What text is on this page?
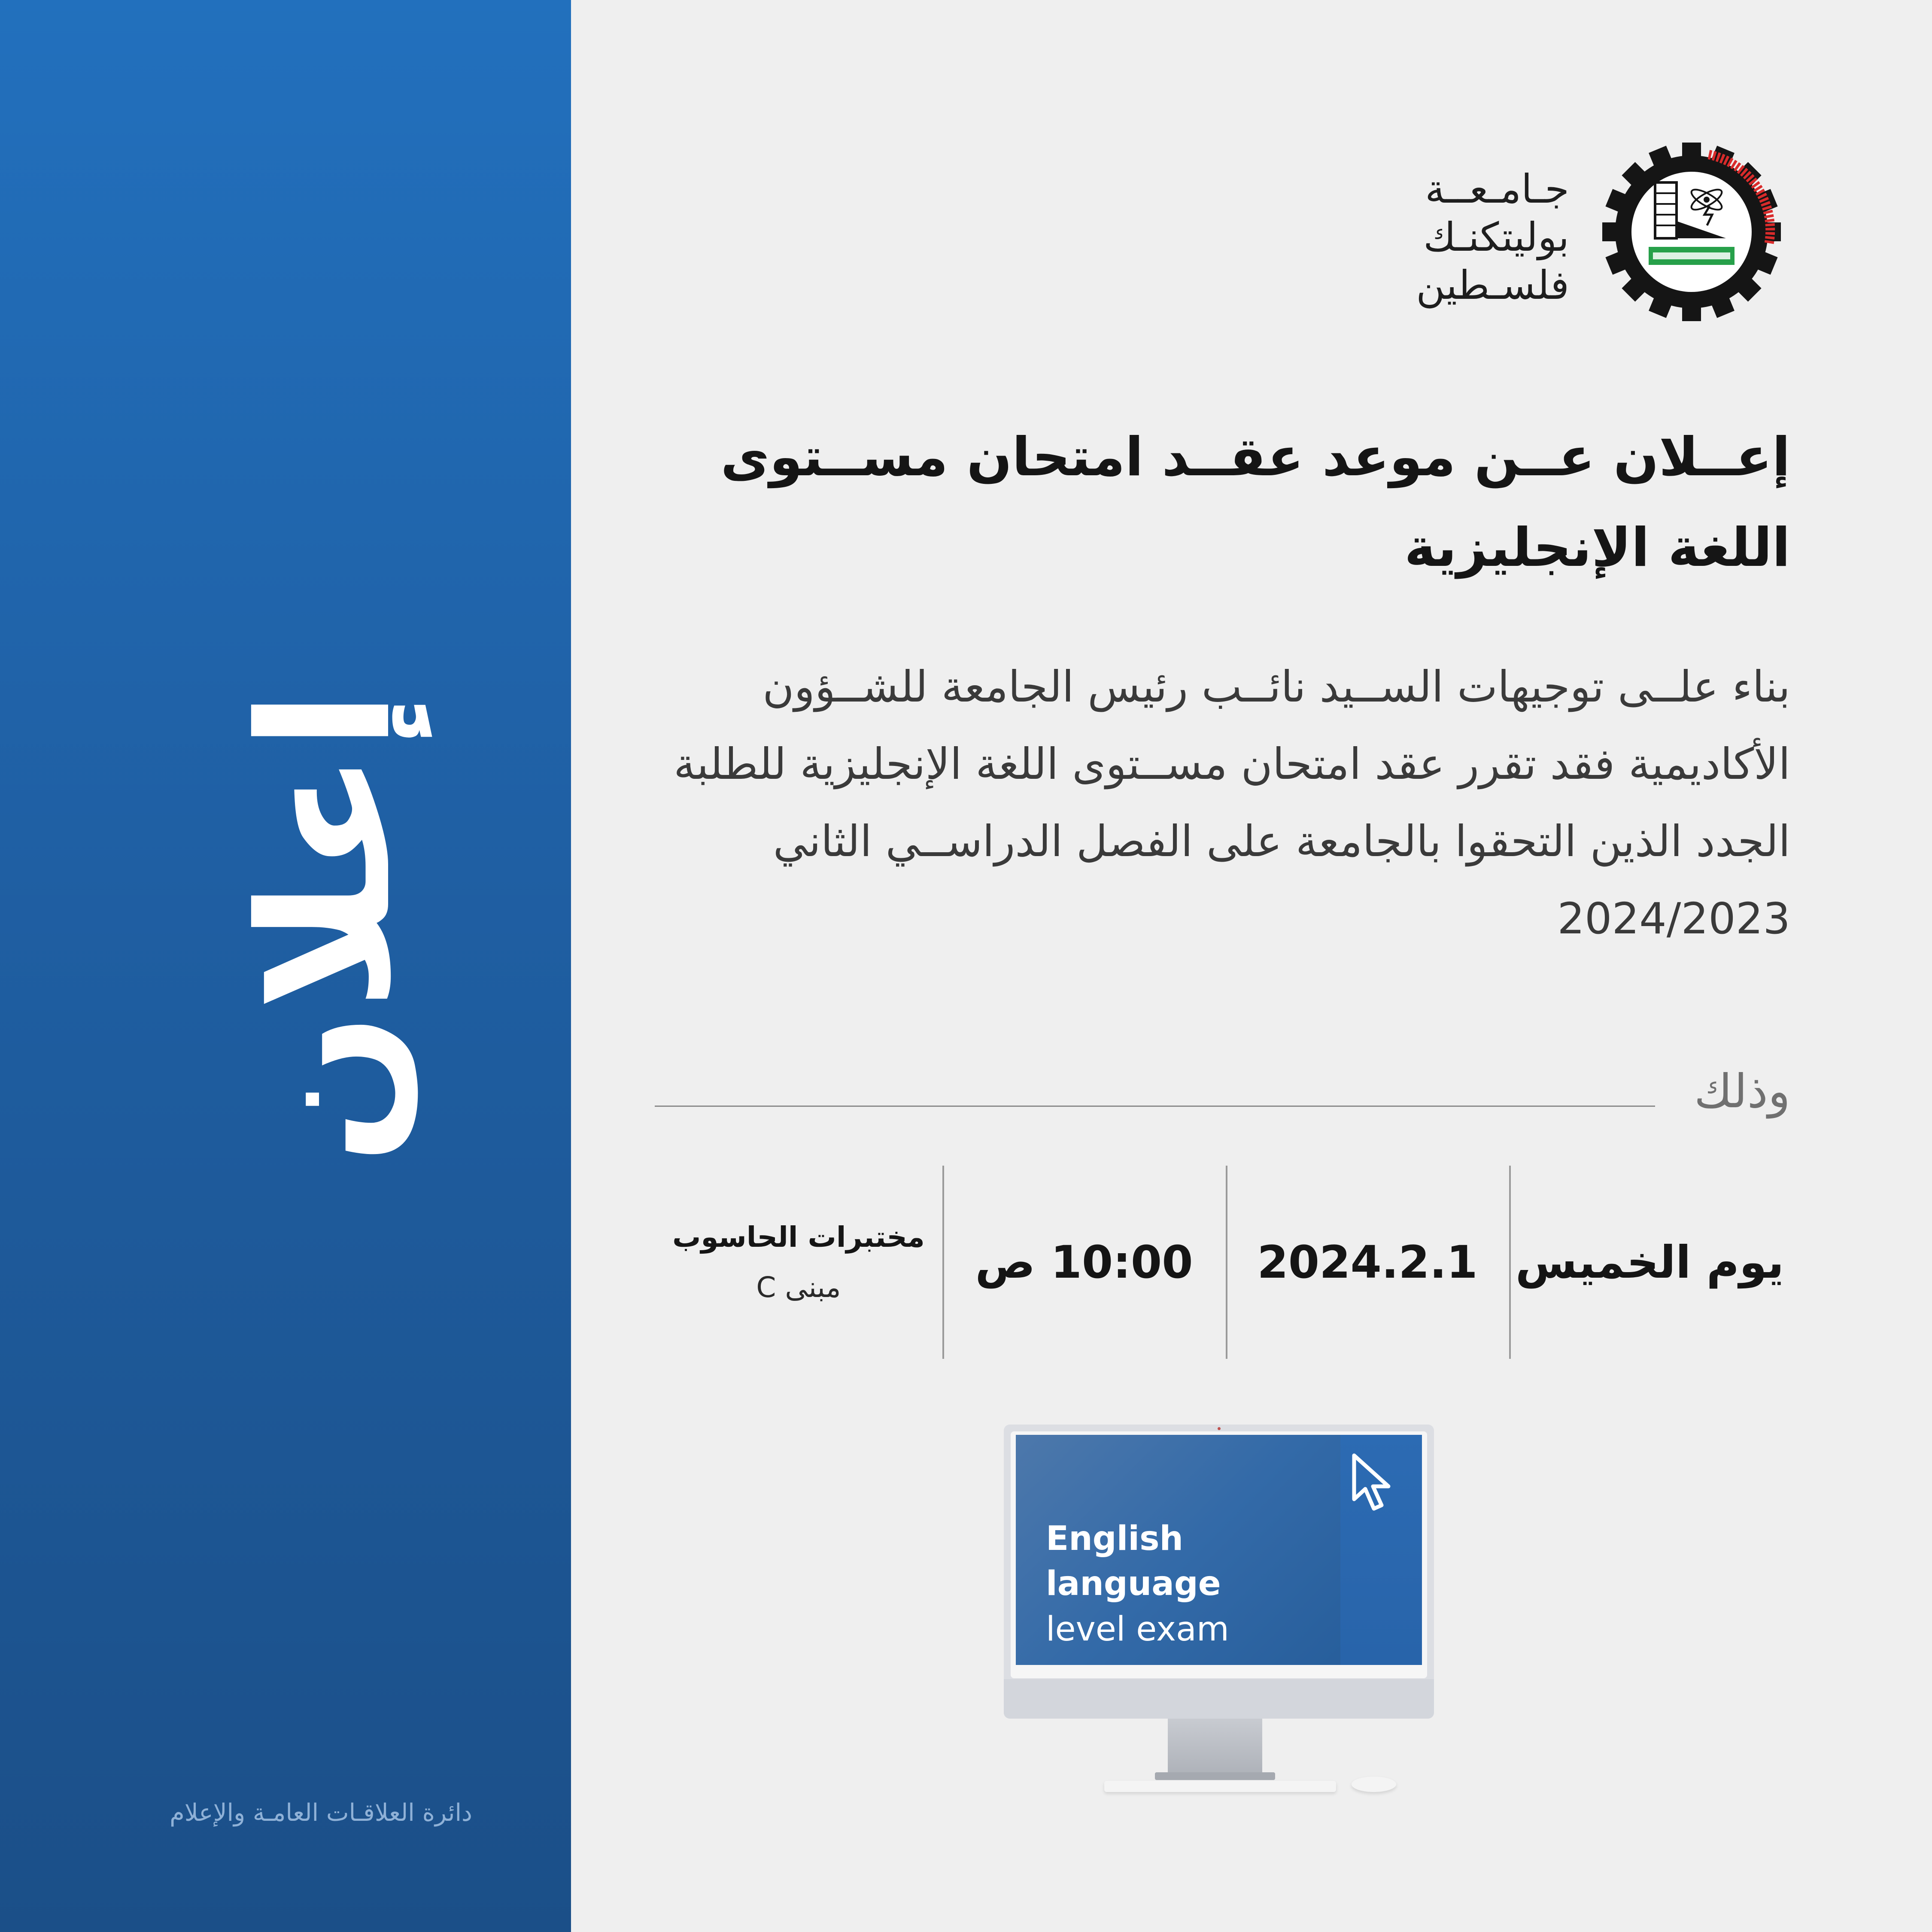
إعلان
دائرة العلاقـات العامـة والإعلام
جـامـعــة
بوليتكنـك
فلسـطين
إعــلان عــن موعد عقــد امتحان مســتوى اللغة الإنجليزية
بناء علــى توجيهات الســيد نائــب رئيس الجامعة للشــؤون الأكاديمية فقد تقرر عقد امتحان مســتوى اللغة الإنجليزية للطلبة الجدد الذين التحقوا بالجامعة على الفصل الدراســي الثاني 2024/2023
وذلك
يوم الخميس
2024.2.1
10:00 ص
مختبرات الحاسوب
مبنى C
English
language
level exam
